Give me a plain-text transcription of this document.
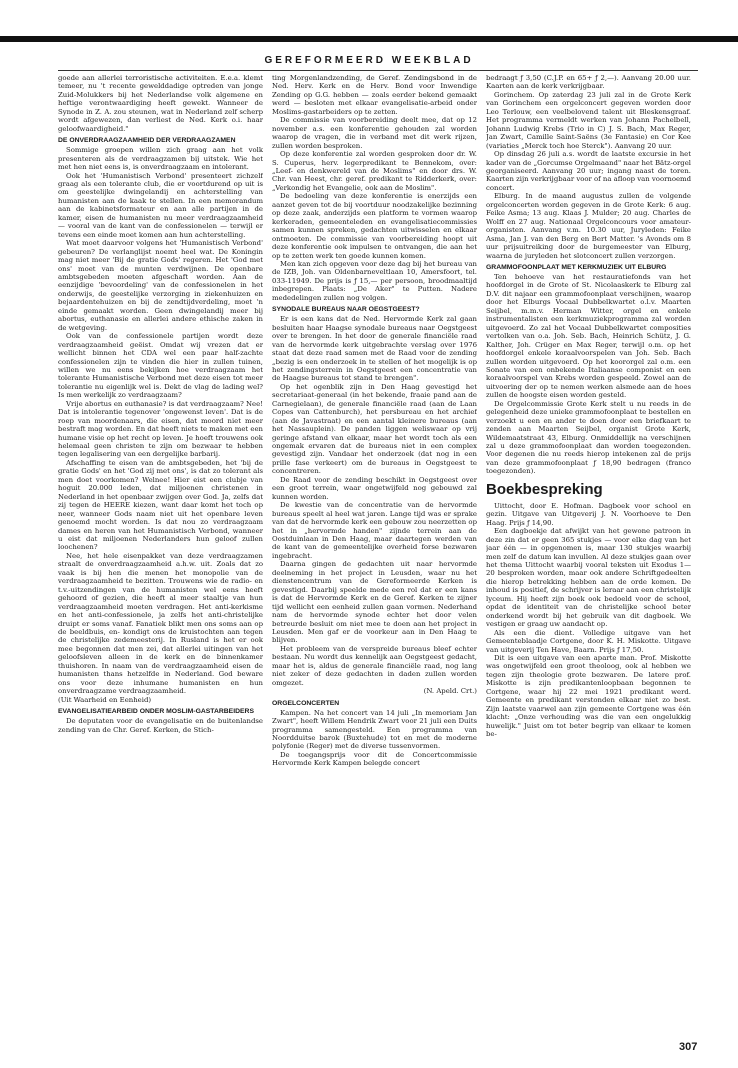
GEREFORMEERD WEEKBLAD

goede aan allerlei terroristische activiteiten. E.e.a. klemt temeer, nu 't recente gewelddadige optreden van jonge Zuid-Molukkers bij het Nederlandse volk algemene en heftige verontwaardiging heeft gewekt. Wanneer de Synode in Z. A. zou steunen, wat in Nederland zelf scherp wordt afgewezen, dan verliest de Ned. Kerk o.i. haar geloofwaardigheid."

DE ONVERDRAAGZAAMHEID DER VERDRAAGZAMEN

Sommige groepen willen zich graag aan het volk presenteren als de verdraagzamen bij uitstek. Wie het met hen niet eens is, is onverdraagzaam en intolerant.

Ook het 'Humanistisch Verbond' presenteert zichzelf graag als een tolerante club, die er voortdurend op uit is om geestelijke dwingelandij en achterstelling van humanisten aan de kaak te stellen. In een memorandum aan de kabinetsformateur en aan alle partijen in de kamer, eisen de humanisten nu meer verdraagzaamheid — vooral van de kant van de confessionelen — terwijl er tevens een einde moet komen aan hun achterstelling.

Wat moet daarvoor volgens het 'Humanistisch Verbond' gebeuren? De verlanglijst noemt heel wat. De Koningin mag niet meer 'Bij de gratie Gods' regeren. Het 'God met ons' moet van de munten verdwijnen. De openbare ambtsgebeden moeten afgeschaft worden. Aan de eenzijdige 'bevoordeling' van de confessionelen in het onderwijs, de geestelijke verzorging in ziekenhuizen en bejaardentehuizen en bij de zendtijdverdeling, moet 'n einde gemaakt worden. Geen dwingelandij meer bij abortus, euthanasie en allerlei andere ethische zaken in de wetgeving.

Ook van de confessionele partijen wordt deze verdraagzaamheid geëist. Omdat wij vrezen dat er wellicht binnen het CDA wel een paar half-zachte confessionelen zijn te vinden die hier in zullen tuinen, willen we nu eens bekijken hoe verdraagzaam het tolerante Humanistische Verbond met deze eisen tot meer tolerantie nu eigenlijk wel is. Dekt de vlag de lading wel? Is men werkelijk zo verdraagzaam?

Vrije abortus en euthanasie? is dat verdraagzaam? Nee! Dat is intolerantie tegenover 'ongewenst leven'. Dat is de roep van moordenaars, die eisen, dat moord niet meer bestraft mag worden. En dat heeft niets te maken met een humane visie op het recht op leven. Je hoeft trouwens ook helemaal geen christen te zijn om bezwaar te hebben tegen legalisering van een dergelijke barbarij.

Afschaffing te eisen van de ambtsgebeden, het 'bij de gratie Gods' en het 'God zij met ons', is dat zo tolerant als men doet voorkomen? Welnee! Hier eist een clubje van hoguit 20.000 leden, dat miljoenen christenen in Nederland in het openbaar zwijgen over God. Ja, zelfs dat zij tegen de HEERE kiezen, want daar komt het toch op neer, wanneer Gods naam niet uit het openbare leven genoemd mocht worden. Is dat nou zo verdraagzaam dames en heren van het Humanistisch Verbond, wanneer u eist dat miljoenen Nederlanders hun geloof zullen loochenen?

Nee, het hele eisenpakket van deze verdraagzamen straalt de onverdraagzaamheid a.h.w. uit. Zoals dat zo vaak is bij hen die menen het monopolie van de verdraagzaamheid te bezitten. Trouwens wie de radio- en t.v.-uitzendingen van de humanisten wel eens heeft gehoord of gezien, die heeft al meer staaltje van hun verdraagzaamheid moeten verdragen. Het anti-kerkisme en het anti-confessionele, ja zelfs het anti-christelijke druipt er soms vanaf. Fanatiek blikt men ons soms aan op de beeldbuis, en- kondigt ons de kruistochten aan tegen de christelijke zedemeesterij. In Rusland is het er ook mee begonnen dat men zei, dat allerlei uitingen van het geloofsleven alleen in de kerk en de binnenkamer thuishoren. In naam van de verdraagzaamheid eisen de humanisten thans hetzelfde in Nederland. God beware ons voor deze inhumane humanisten en hun onverdraagzame verdraagzaamheid.

(Uit Waarheid en Eenheid)

EVANGELISATIEARBEID ONDER MOSLIM-GASTARBEIDERS

De deputaten voor de evangelisatie en de buitenlandse zending van de Chr. Geref. Kerken, de Stich-

ting Morgenlandzending, de Geref. Zendingsbond in de Ned. Herv. Kerk en de Herv. Bond voor Inwendige Zending op G.G. hebben — zoals eerder bekend gemaakt werd — besloten met elkaar evangelisatie-arbeid onder Moslims-gastarbeiders op te zetten.

De commissie van voorbereiding deelt mee, dat op 12 november a.s. een konferentie gehouden zal worden waarop de vragen, die in verband met dit werk rijzen, zullen worden besproken.

Op deze konferentie zal worden gesproken door dr. W. S. Cuperus, herv. legerpredikant te Bennekom, over: „Leef- en denkwereld van de Moslims" en door drs. W. Chr. van Heest, chr. geref. predikant te Ridderkerk, over: „Verkondig het Evangelie, ook aan de Moslim".

De bedoeling van deze konferentie is enerzijds een aanzet geven tot de bij voortduur noodzakelijke bezinning op deze zaak, anderzijds een platform te vormen waarop kerkeraden, gemeenteleden en evangelisatiecommissies samen kunnen spreken, gedachten uitwisselen en elkaar ontmoeten. De commissie van voorbereiding hoopt uit deze konferentie ook impulsen te ontvangen, die aan het op te zetten werk ten goede kunnen komen.

Men kan zich opgeven voor deze dag bij het bureau van de IZB, Joh. van Oldenbarneveltlaan 10, Amersfoort, tel. 033-11949. De prijs is ƒ 15,— per persoon, broodmaaltijd inbegrepen. Plaats: „De Aker" te Putten. Nadere mededelingen zullen nog volgen.

SYNODALE BUREAUS NAAR OEGSTGEEST?

Er is een kans dat de Ned. Hervormde Kerk zal gaan besluiten haar Haagse synodale bureaus naar Oegstgeest over te brengen. In het door de generale financiële raad van de hervormde kerk uitgebrachte verslag over 1976 staat dat deze raad samen met de Raad voor de zending „bezig is een onderzoek in te stellen of het mogelijk is op het zendingsterrein in Oegstgeest een concentratie van de Haagse bureaus tot stand te brengen".

Op het ogenblik zijn in Den Haag gevestigd het secretariaat-generaal (in het bekende, fraaie pand aan de Carnegielaan), de generale financiële raad (aan de Laan Copes van Cattenburch), het persbureau en het archief (aan de Javastraat) en een aantal kleinere bureaus (aan het Nassauplein). De panden liggen weliswaar op vrij geringe afstand van elkaar, maar het wordt toch als een ongemak ervaren dat de bureaus niet in een complex gevestigd zijn. Vandaar het onderzoek (dat nog in een prille fase verkeert) om de bureaus in Oegstgeest te concentreren.

De Raad voor de zending beschikt in Oegstgeest over een groot terrein, waar ongetwijfeld nog gebouwd zal kunnen worden.

De kwestie van de concentratie van de hervormde bureaus speelt al heel wat jaren. Lange tijd was er sprake van dat de hervormde kerk een gebouw zou neerzetten op het in „hervormde handen" zijnde terrein aan de Oostduinlaan in Den Haag, maar daartegen werden van de kant van de gemeentelijke overheid forse bezwaren ingebracht.

Daarna gingen de gedachten uit naar hervormde deelneming in het project in Leusden, waar nu het dienstencentrum van de Gereformeerde Kerken is gevestigd. Daarbij speelde mede een rol dat er een kans is dat de Hervormde Kerk en de Geref. Kerken te zijner tijd wellicht een eenheid zullen gaan vormen. Nederhand nam de hervormde synode echter het door velen betreurde besluit om niet mee te doen aan het project in Leusden. Men gaf er de voorkeur aan in Den Haag te blijven.

Het probleem van de verspreide bureaus bleef echter bestaan. Nu wordt dus kennelijk aan Oegstgeest gedacht, maar het is, aldus de generale financiële raad, nog lang niet zeker of deze gedachten in daden zullen worden omgezet.

(N. Apeld. Crt.)

ORGELCONCERTEN

Kampen. Na het concert van 14 juli „In memoriam Jan Zwart", heeft Willem Hendrik Zwart voor 21 juli een Duits programma samengesteld. Een programma van Noordduitse barok (Buxtehude) tot en met de moderne polyfonie (Reger) met de diverse tussenvormen.

De toegangsprijs voor dit de Concertcommissie Hervormde Kerk Kampen belegde concert

bedraagt ƒ 3,50 (C.J.P. en 65+ ƒ 2,—). Aanvang 20.00 uur. Kaarten aan de kerk verkrijgbaar.

Gorinchem. Op zaterdag 23 juli zal in de Grote Kerk van Gorinchem een orgelconcert gegeven worden door Leo Terlouw, een veelbelovend talent uit Bleskensgraaf. Het programma vermeldt werken van Johann Pachelbell, Johann Ludwig Krebs (Trio in C) J. S. Bach, Max Reger, Jan Zwart, Camille Saint-Saëns (3e Fantasie) en Cor Kee (variaties „Merck toch hoe Sterck"). Aanvang 20 uur.

Op dinsdag 26 juli a.s. wordt de laatste excursie in het kader van de „Gorcumse Orgelmaand" naar het Bätz-orgel georganiseerd. Aanvang 20 uur; ingang naast de toren. Kaarten zijn verkrijgbaar voor of na afloop van voornoemd concert.

Elburg. In de maand augustus zullen de volgende orgelconcerten worden gegeven in de Grote Kerk: 6 aug. Feike Asma; 13 aug. Klaas J. Mulder; 20 aug. Charles de Wolff en 27 aug. Nationaal Orgelconcours voor amateur-organisten. Aanvang v.m. 10.30 uur, Juryleden: Feike Asma, Jan J. van den Berg en Bert Matter. 's Avonds om 8 uur prijsuitreiking door de burgemeester van Elburg, waarna de juryleden het slotconcert zullen verzorgen.

GRAMMOFOONPLAAT MET KERKMUZIEK UIT ELBURG

Ten behoeve van het restauratiefonds van het hoofdorgel in de Grote of St. Nicolaaskerk te Elburg zal D.V. dit najaar een grammofoonplaat verschijnen, waarop door het Elburgs Vocaal Dubbelkwartet o.l.v. Maarten Seijbel, m.m.v. Herman Witter, orgel en enkele instrumentalisten een kerkmuziekprogramma zal worden uitgevoerd. Zo zal het Vocaal Dubbelkwartet composities vertolken van o.a. Joh. Seb. Bach, Heinrich Schütz, J. G. Kalther, Joh. Crüger en Max Reger, terwijl o.m. op het hoofdorgel enkele koraalvoorspelen van Joh. Seb. Bach zullen worden uitgevoerd. Op het koororgel zal o.m. een Sonate van een onbekende Italiaanse componist en een koraalvoorspel van Krebs worden gespeeld. Zowel aan de uitvoering der op te nemen werken alsmede aan de hoes zullen de hoogste eisen worden gesteld.

De Orgelcommissie Grote Kerk stelt u nu reeds in de gelegenheid deze unieke grammofoonplaat te bestellen en verzoekt u een en ander te doen door een briefkaart te zenden aan Maarten Seijbel, organist Grote Kerk, Wildemaatstraat 43, Elburg. Onmiddellijk na verschijnen zal u deze grammofoonplaat dan worden toegezonden. Voor degenen die nu reeds hierop intekenen zal de prijs van deze grammofoonplaat ƒ 18,90 bedragen (franco toegezonden).

Boekbespreking

Uittocht, door E. Hofman. Dagboek voor school en gezin. Uitgave van Uitgeverij J. N. Voorhoeve te Den Haag. Prijs ƒ 14,90.

Een dagboekje dat afwijkt van het gewone patroon in deze zin dat er geen 365 stukjes — voor elke dag van het jaar één — in opgenomen is, maar 130 stukjes waarbij men zelf de datum kan invullen. Al deze stukjes gaan over het thema Uittocht waarbij vooral teksten uit Exodus 1—20 besproken worden, maar ook andere Schriftgedeelten die hierop betrekking hebben aan de orde komen. De inhoud is positief, de schrijver is leraar aan een christelijk lyceum. Hij heeft zijn boek ook bedoeld voor de school, opdat de identiteit van de christelijke school beter onderkend wordt bij het gebruik van dit dagboek. We vestigen er graag uw aandacht op.

Als een die dient. Volledige uitgave van het Gemeenteblaadje Cortgene, door K. H. Miskotte. Uitgave van uitgeverij Ten Have, Baarn. Prijs ƒ 17,50.

Dit is een uitgave van een aparte man. Prof. Miskotte was ongetwijfeld een groot theoloog, ook al hebben we tegen zijn theologie grote bezwaren. De latere prof. Miskotte is zijn predikantenloopbaan begonnen te Cortgene, waar hij 22 mei 1921 predikant werd. Gemeente en predikant verstonden elkaar niet zo best. Zijn laatste vaarwel aan zijn gemeente Cortgene was één klacht: „Onze verhouding was die van een ongelukkig huwelijk." Juist om tot beter begrip van elkaar te komen be-

307
